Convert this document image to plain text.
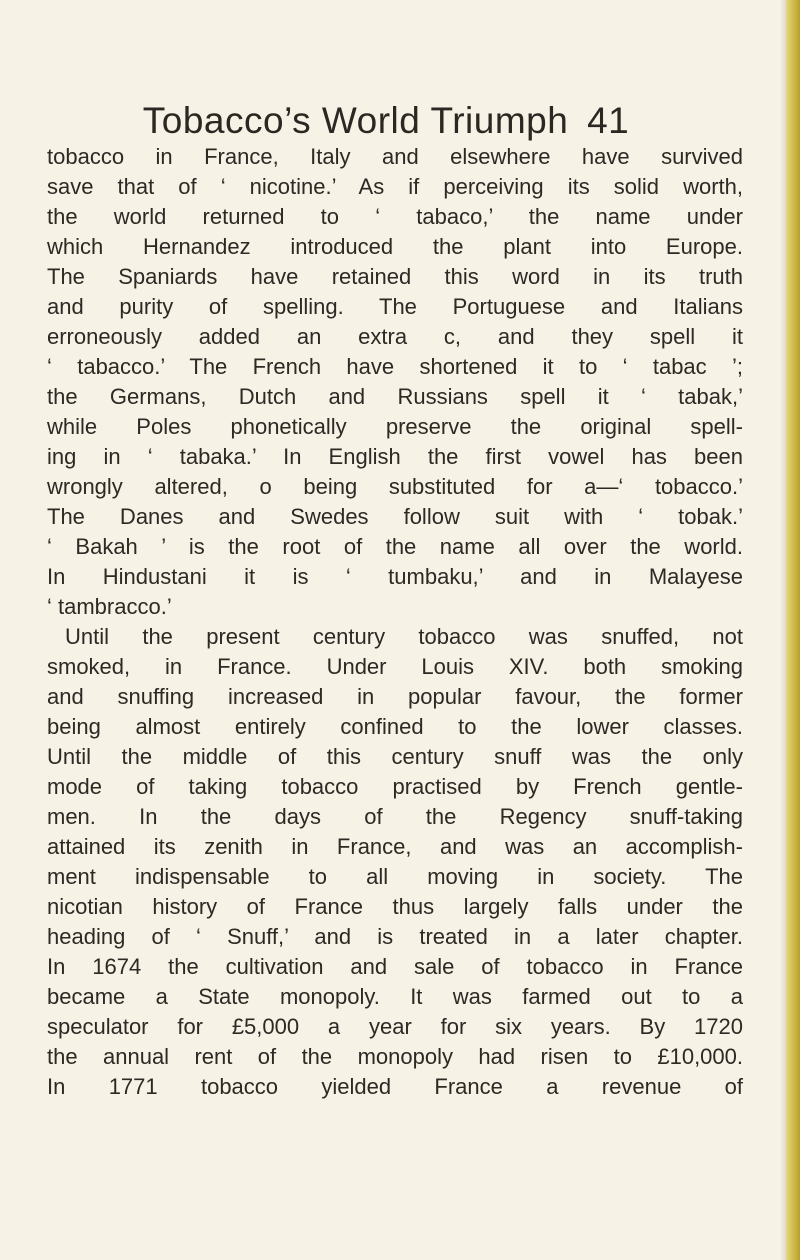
Tobacco’s World Triumph 41
tobacco in France, Italy and elsewhere have survived
save that of ‘ nicotine.’ As if perceiving its solid worth,
the world returned to ‘ tabaco,’ the name under
which Hernandez introduced the plant into Europe.
The Spaniards have retained this word in its truth
and purity of spelling. The Portuguese and Italians
erroneously added an extra c, and they spell it
‘ tabacco.’ The French have shortened it to ‘ tabac ’;
the Germans, Dutch and Russians spell it ‘ tabak,’
while Poles phonetically preserve the original spell-
ing in ‘ tabaka.’ In English the first vowel has been
wrongly altered, o being substituted for a—‘ tobacco.’
The Danes and Swedes follow suit with ‘ tobak.’
‘ Bakah ’ is the root of the name all over the world.
In Hindustani it is ‘ tumbaku,’ and in Malayese
‘ tambracco.’
Until the present century tobacco was snuffed, not
smoked, in France. Under Louis XIV. both smoking
and snuffing increased in popular favour, the former
being almost entirely confined to the lower classes.
Until the middle of this century snuff was the only
mode of taking tobacco practised by French gentle-
men. In the days of the Regency snuff-taking
attained its zenith in France, and was an accomplish-
ment indispensable to all moving in society. The
nicotian history of France thus largely falls under the
heading of ‘ Snuff,’ and is treated in a later chapter.
In 1674 the cultivation and sale of tobacco in France
became a State monopoly. It was farmed out to a
speculator for £5,000 a year for six years. By 1720
the annual rent of the monopoly had risen to £10,000.
In 1771 tobacco yielded France a revenue of
